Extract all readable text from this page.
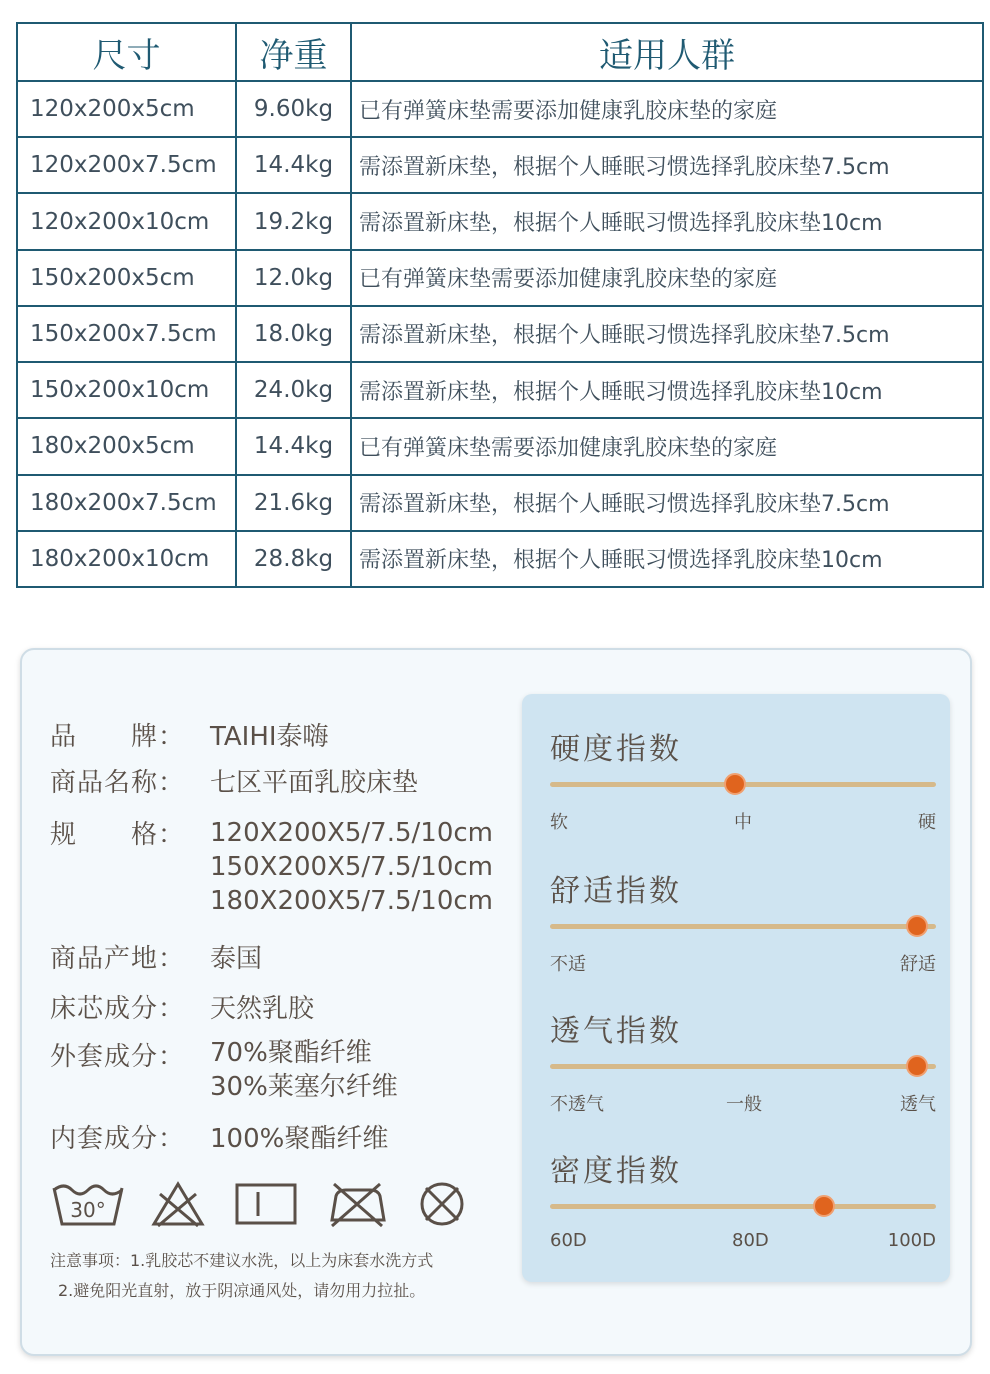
尺寸	净重	适用人群
120x200x5cm	9.60kg	已有弹簧床垫需要添加健康乳胶床垫的家庭
120x200x7.5cm	14.4kg	需添置新床垫，根据个人睡眠习惯选择乳胶床垫7.5cm
120x200x10cm	19.2kg	需添置新床垫，根据个人睡眠习惯选择乳胶床垫10cm
150x200x5cm	12.0kg	已有弹簧床垫需要添加健康乳胶床垫的家庭
150x200x7.5cm	18.0kg	需添置新床垫，根据个人睡眠习惯选择乳胶床垫7.5cm
150x200x10cm	24.0kg	需添置新床垫，根据个人睡眠习惯选择乳胶床垫10cm
180x200x5cm	14.4kg	已有弹簧床垫需要添加健康乳胶床垫的家庭
180x200x7.5cm	21.6kg	需添置新床垫，根据个人睡眠习惯选择乳胶床垫7.5cm
180x200x10cm	28.8kg	需添置新床垫，根据个人睡眠习惯选择乳胶床垫10cm
品　　牌： TAIHI泰嗨
商品名称： 七区平面乳胶床垫
规　　格： 120X200X5/7.5/10cm
150X200X5/7.5/10cm
180X200X5/7.5/10cm
商品产地： 泰国
床芯成分： 天然乳胶
外套成分： 70%聚酯纤维
30%莱塞尔纤维
内套成分： 100%聚酯纤维
30°
注意事项：1.乳胶芯不建议水洗，以上为床套水洗方式
2.避免阳光直射，放于阴凉通风处，请勿用力拉扯。
硬度指数
软	中	硬
舒适指数
不适	舒适
透气指数
不透气	一般	透气
密度指数
60D	80D	100D
